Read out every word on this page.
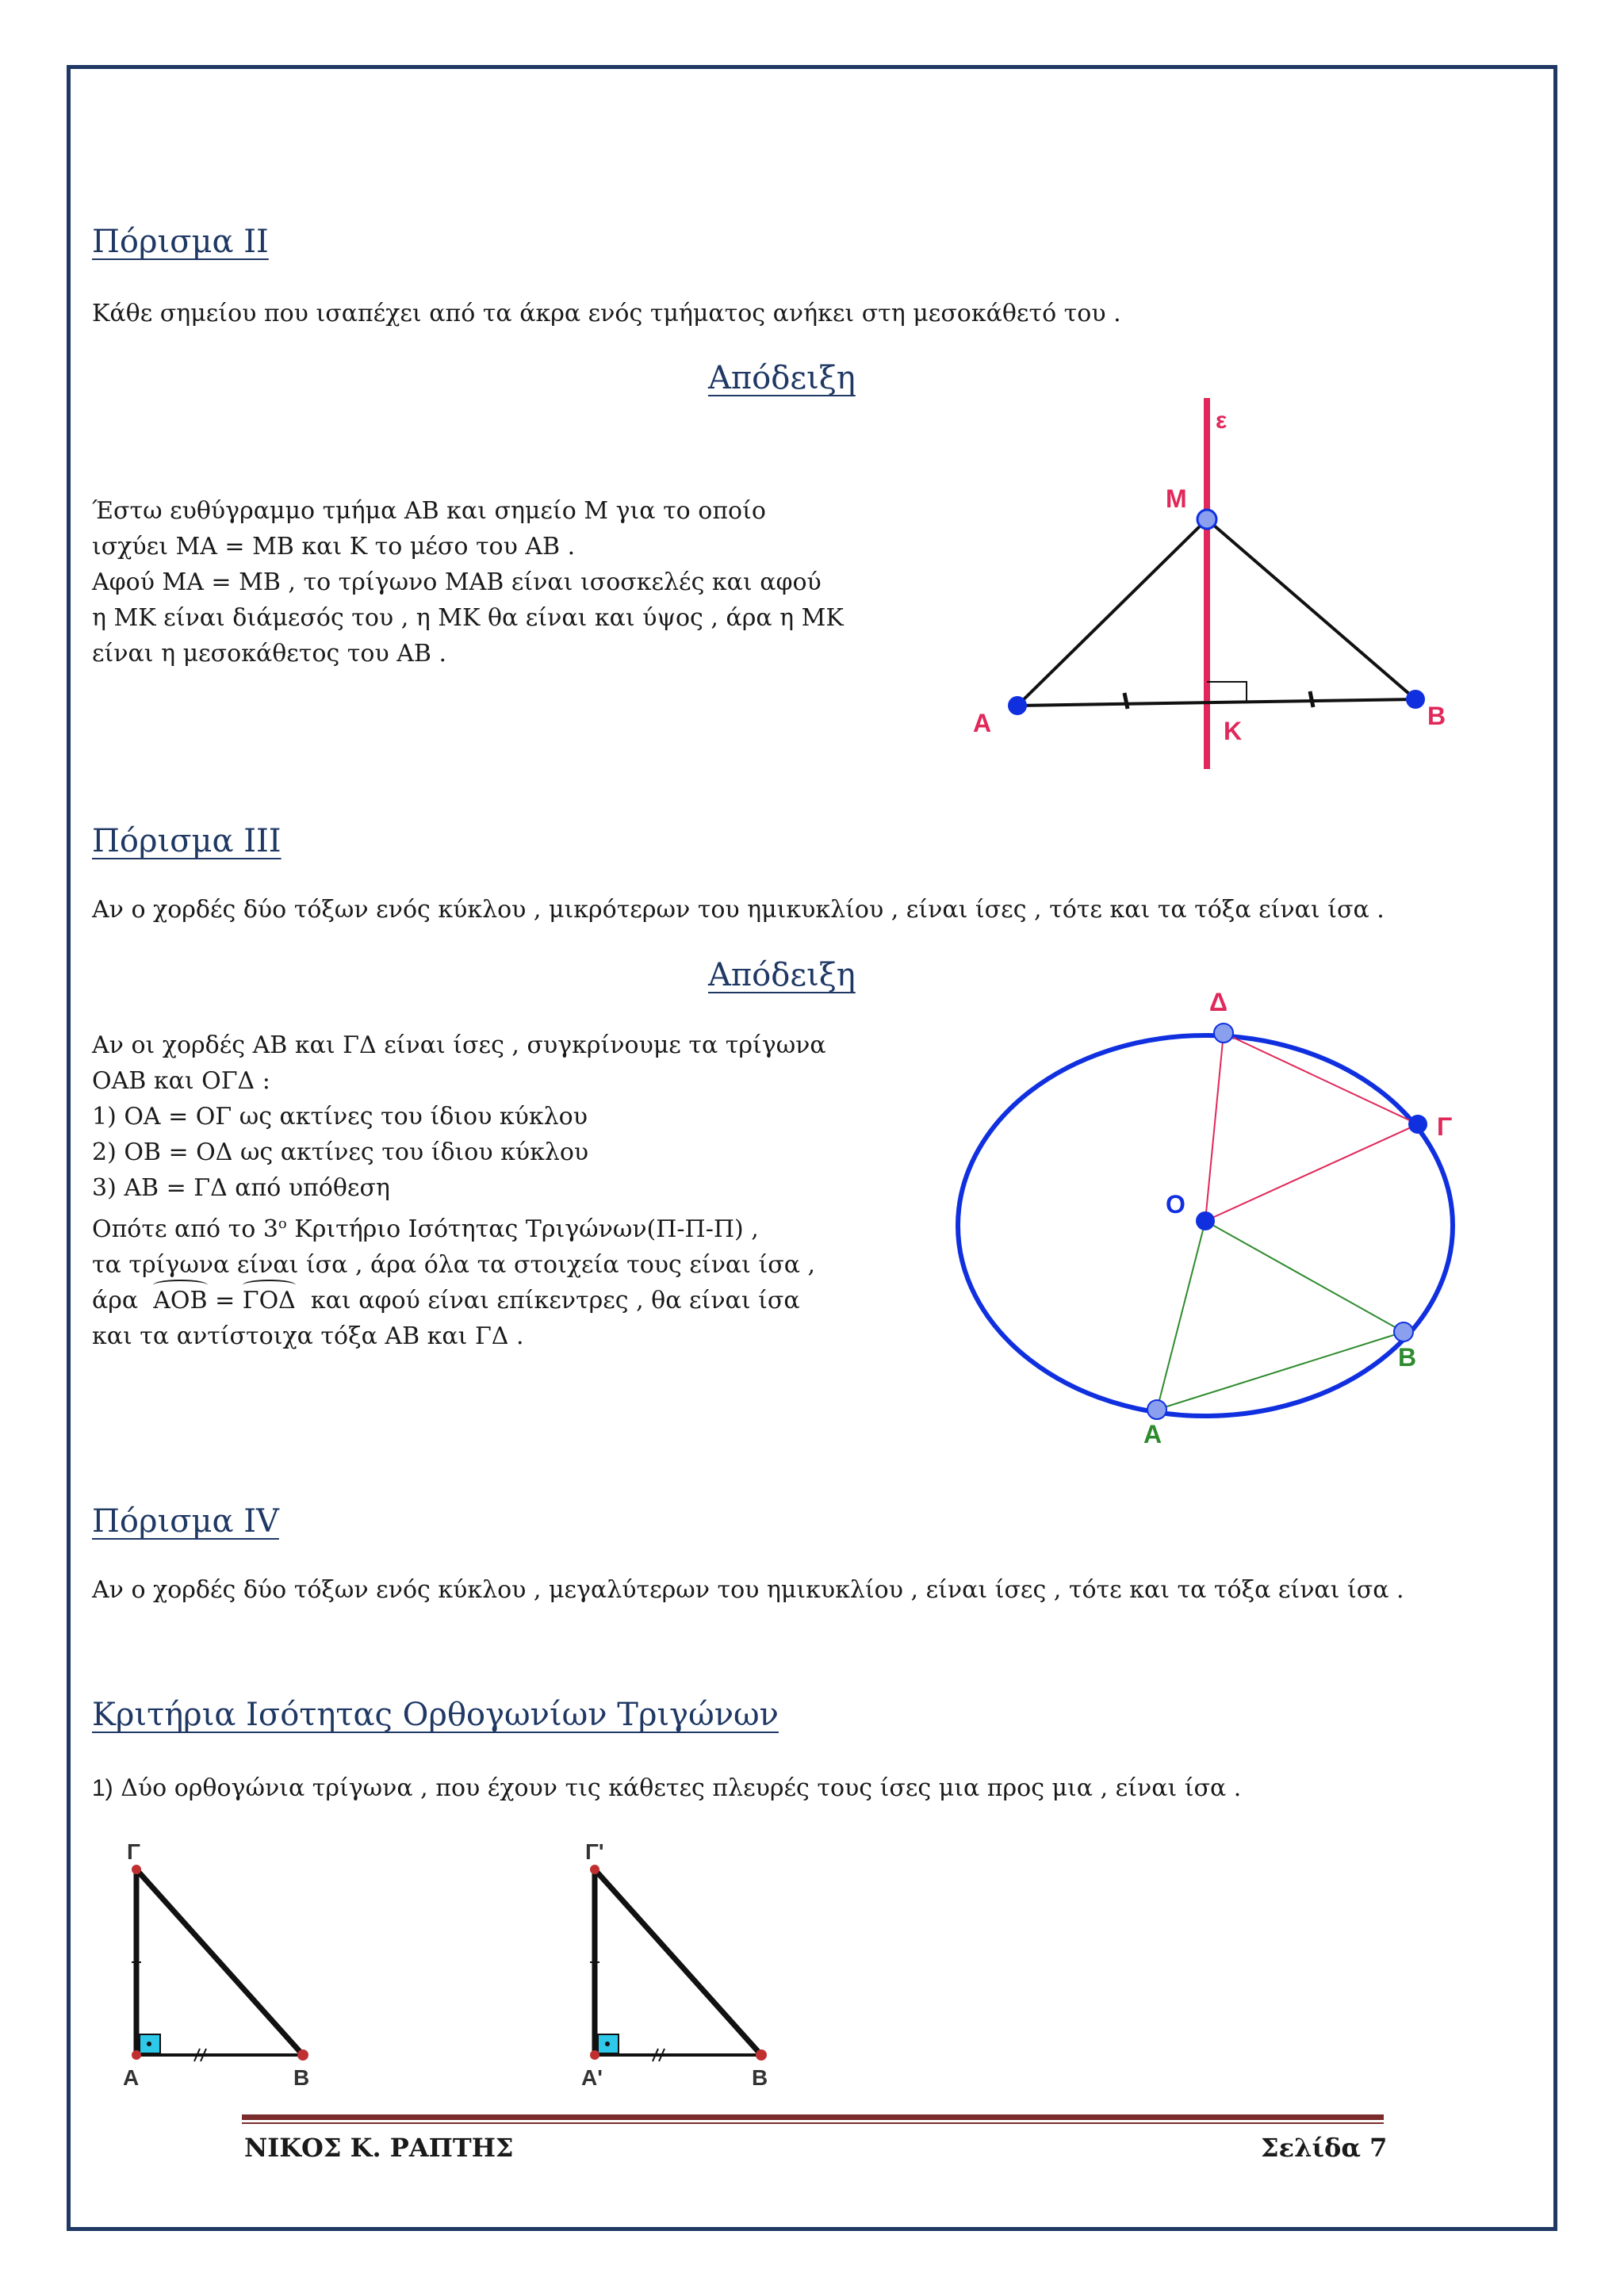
Πόρισμα ΙΙ
Κάθε σημείου που ισαπέχει από τα άκρα ενός τμήματος ανήκει στη μεσοκάθετό του .
Απόδειξη
Έστω ευθύγραμμο τμήμα ΑΒ και σημείο Μ για το οποίο
ισχύει ΜΑ = ΜΒ και Κ το μέσο του ΑΒ .
Αφού ΜΑ = ΜΒ , το τρίγωνο ΜΑΒ είναι ισοσκελές και αφού
η ΜΚ είναι διάμεσός του , η ΜΚ θα είναι και ύψος , άρα η ΜΚ
είναι η μεσοκάθετος του ΑΒ .
ε
Μ
Α	Β
Κ
Πόρισμα ΙΙΙ
Αν ο χορδές δύο τόξων ενός κύκλου , μικρότερων του ημικυκλίου , είναι ίσες , τότε και τα τόξα είναι ίσα .
Απόδειξη
Αν οι χορδές ΑΒ και ΓΔ είναι ίσες , συγκρίνουμε τα τρίγωνα
ΟΑΒ και ΟΓΔ :
1) ΟΑ = ΟΓ ως ακτίνες του ίδιου κύκλου
2) ΟΒ = ΟΔ ως ακτίνες του ίδιου κύκλου
3) ΑΒ = ΓΔ από υπόθεση
Οπότε από το $3^o$ Κριτήριο Ισότητας Τριγώνων(Π-Π-Π) ,
τα τρίγωνα είναι ίσα , άρα όλα τα στοιχεία τους είναι ίσα ,
άρα  ΑΟΒ = ΓΟΔ  και αφού είναι επίκεντρες , θα είναι ίσα
και τα αντίστοιχα τόξα ΑΒ και ΓΔ .
Δ
Γ
Ο
Β
Α
Πόρισμα ΙV
Αν ο χορδές δύο τόξων ενός κύκλου , μεγαλύτερων του ημικυκλίου , είναι ίσες , τότε και τα τόξα είναι ίσα .
Κριτήρια Ισότητας Ορθογωνίων Τριγώνων
1) Δύο ορθογώνια τρίγωνα , που έχουν τις κάθετες πλευρές τους ίσες μια προς μια , είναι ίσα .
Γ
Α	Β
Γ'
Α'	Β
ΝΙΚΟΣ Κ. ΡΑΠΤΗΣ	Σελίδα 7
